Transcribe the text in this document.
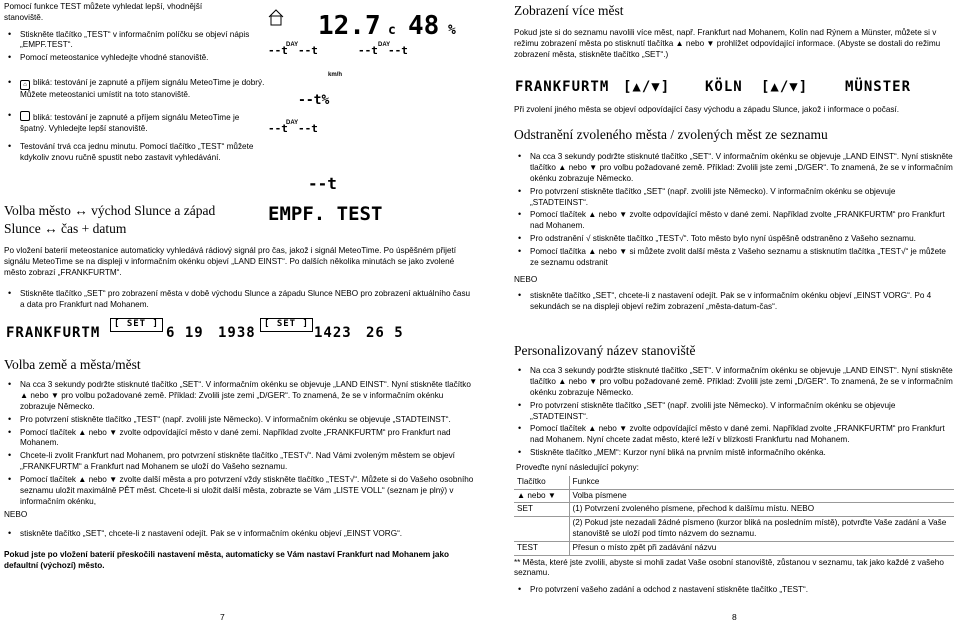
Pomocí funkce TEST můžete vyhledat lepší, vhodnější
stanoviště.
• Stiskněte tlačítko „TEST“ v informačním políčku se objeví nápis „EMPF.TEST“.
• Pomocí meteostanice vyhledejte vhodné stanoviště.
• ⌂ bliká: testování je zapnuté a příjem signálu MeteoTime je dobrý. Můžete meteostanici umístit na toto stanoviště.
• bliká: testování je zapnuté a příjem signálu MeteoTime je špatný. Vyhledejte lepší stanoviště.
• Testování trvá cca jednu minutu. Pomocí tlačítko „TEST“ můžete kdykoliv znovu ručně spustit nebo zastavit vyhledávání.
12.7 c 48 %
DAY	DAY
--t --t	--t --t
km/h
--t%
DAY
--t --t
--t
EMPF. TEST
Volba město ↔ východ Slunce a západ
Slunce ↔ čas + datum
Po vložení baterií meteostanice automaticky vyhledává rádiový signál pro čas, jakož i signál MeteoTime. Po úspěšném přijetí signálu MeteoTime se na displeji v informačním okénku objeví „LAND EINST“. Po dalších několika minutách se jako zvolené město zobrazí „FRANKFURTM“.
• Stiskněte tlačítko „SET“ pro zobrazení města v době východu Slunce a západu Slunce NEBO pro zobrazení aktuálního času a data pro Frankfurt nad Mohanem.
FRANKFURTM
[ SET ]
6 19 1938
[ SET ]
1423 26 5
Volba země a města/měst
• Na cca 3 sekundy podržte stisknuté tlačítko „SET“. V informačním okénku se objevuje „LAND EINST“. Nyní stiskněte tlačítko ▲ nebo ▼ pro volbu požadované země. Příklad: Zvolili jste zemi „D/GER“. To znamená, že se v informačním okénku zobrazuje Německo.
• Pro potvrzení stiskněte tlačítko „TEST“ (např. zvolili jste Německo). V informačním okénku se objevuje „STADTEINST“.
• Pomocí tlačítek ▲ nebo ▼ zvolte odpovídající město v dané zemi. Například zvolte „FRANKFURTM“ pro Frankfurt nad Mohanem.
• Chcete-li zvolit Frankfurt nad Mohanem, pro potvrzení stiskněte tlačítko „TEST√“. Nad Vámi zvoleným městem se objeví „FRANKFURTM“ a Frankfurt nad Mohanem se uloží do Vašeho seznamu.
• Pomocí tlačítek ▲ nebo ▼ zvolte další města a pro potvrzení vždy stiskněte tlačítko „TEST√“. Můžete si do Vašeho osobního seznamu uložit maximálně PĚT měst. Chcete-li si uložit další města, zobrazte se Vám „LISTE VOLL“ (seznam je plný) v informačním okénku,
NEBO
• stiskněte tlačítko „SET“, chcete-li z nastavení odejít. Pak se v informačním okénku objeví „EINST VORG“.
Pokud jste po vložení baterií přeskočili nastavení města, automaticky se Vám nastaví Frankfurt nad Mohanem jako defaultní (výchozí) město.
7
Zobrazení více měst
Pokud jste si do seznamu navolili více měst, např. Frankfurt nad Mohanem, Kolín nad Rýnem a Münster, můžete si v režimu zobrazení města po stisknutí tlačítka ▲ nebo ▼ prohlížet odpovídající informace. (Abyste se dostali do režimu zobrazení města, stiskněte tlačítko „SET“.)
FRANKFURTM [▲/▼] KÖLN [▲/▼]	MÜNSTER
Při zvolení jiného města se objeví odpovídající časy východu a západu Slunce, jakož i informace o počasí.
Odstranění zvoleného města / zvolených měst ze seznamu
• Na cca 3 sekundy podržte stisknuté tlačítko „SET“. V informačním okénku se objevuje „LAND EINST“. Nyní stiskněte tlačítko ▲ nebo ▼ pro volbu požadované země. Příklad: Zvolili jste zemi „D/GER“. To znamená, že se v informačním okénku zobrazuje Německo.
• Pro potvrzení stiskněte tlačítko „SET“ (např. zvolili jste Německo). V informačním okénku se objevuje „STADTEINST“.
• Pomocí tlačítek ▲ nebo ▼ zvolte odpovídající město v dané zemi. Například zvolte „FRANKFURTM“ pro Frankfurt nad Mohanem.
• Pro odstranění √ stiskněte tlačítko „TEST√“. Toto město bylo nyní úspěšně odstraněno z Vašeho seznamu.
• Pomocí tlačítka ▲ nebo ▼ si můžete zvolit další města z Vašeho seznamu a stisknutím tlačítka „TEST√“ je můžete ze seznamu odstranit
NEBO
• stiskněte tlačítko „SET“, chcete-li z nastavení odejít. Pak se v informačním okénku objeví „EINST VORG“. Po 4 sekundách se na displeji objeví režim zobrazení „města-datum-čas“.
Personalizovaný název stanoviště
• Na cca 3 sekundy podržte stisknuté tlačítko „SET“. V informačním okénku se objevuje „LAND EINST“. Nyní stiskněte tlačítko ▲ nebo ▼ pro volbu požadované země. Příklad: Zvolili jste zemi „D/GER“. To znamená, že se v informačním okénku zobrazuje Německo.
• Pro potvrzení stiskněte tlačítko „SET“ (např. zvolili jste Německo). V informačním okénku se objevuje „STADTEINST“.
• Pomocí tlačítek ▲ nebo ▼ zvolte odpovídající město v dané zemi. Například zvolte „FRANKFURTM“ pro Frankfurt nad Mohanem. Nyní chcete zadat město, které leží v blízkosti Frankfurtu nad Mohanem.
• Stiskněte tlačítko „MEM“: Kurzor nyní bliká na prvním místě informačního okénka.
Proveďte nyní následující pokyny:
Tlačítko	Funkce
▲ nebo ▼	Volba písmene
SET	(1) Potvrzení zvoleného písmene, přechod k dalšímu místu. NEBO
	(2) Pokud jste nezadali žádné písmeno (kurzor bliká na posledním místě), potvrďte Vaše zadání a Vaše stanoviště se uloží pod tímto názvem do seznamu.
TEST	Přesun o místo zpět při zadávání názvu
** Města, které jste zvolili, abyste si mohli zadat Vaše osobní stanoviště, zůstanou v seznamu, tak jako každé z vašeho seznamu.
• Pro potvrzení vašeho zadání a odchod z nastavení stiskněte tlačítko „TEST“.
8
